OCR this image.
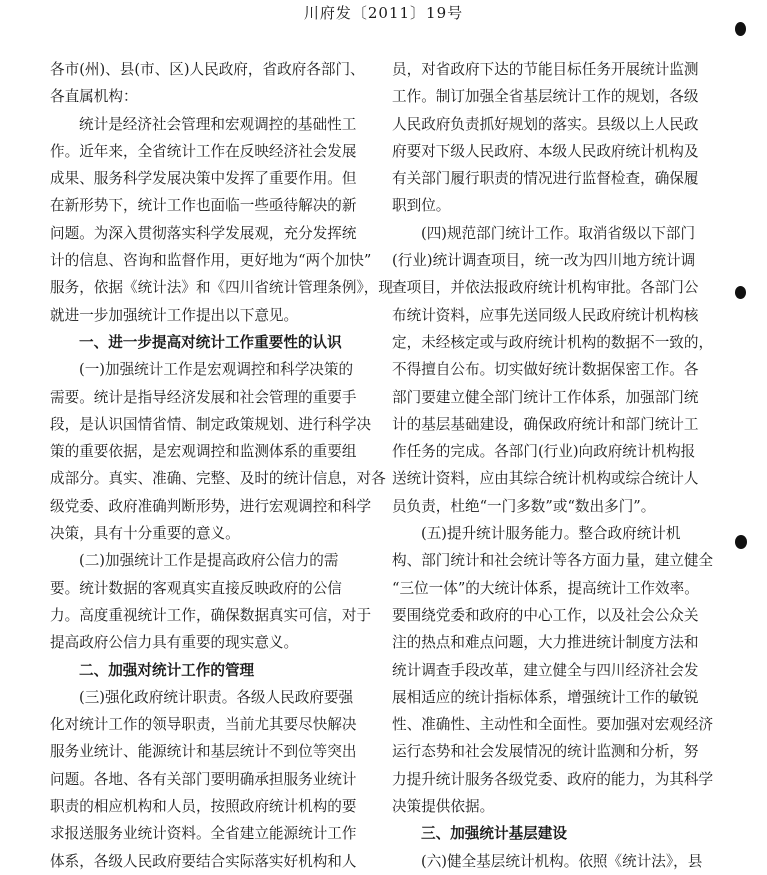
川府发〔2011〕19号
各市(州)、县(市、区)人民政府，省政府各部门、
各直属机构：
统计是经济社会管理和宏观调控的基础性工
作。近年来，全省统计工作在反映经济社会发展
成果、服务科学发展决策中发挥了重要作用。但
在新形势下，统计工作也面临一些亟待解决的新
问题。为深入贯彻落实科学发展观，充分发挥统
计的信息、咨询和监督作用，更好地为“两个加快”
服务，依据《统计法》和《四川省统计管理条例》，现
就进一步加强统计工作提出以下意见。
一、进一步提高对统计工作重要性的认识
(一)加强统计工作是宏观调控和科学决策的
需要。统计是指导经济发展和社会管理的重要手
段，是认识国情省情、制定政策规划、进行科学决
策的重要依据，是宏观调控和监测体系的重要组
成部分。真实、准确、完整、及时的统计信息，对各
级党委、政府准确判断形势，进行宏观调控和科学
决策，具有十分重要的意义。
(二)加强统计工作是提高政府公信力的需
要。统计数据的客观真实直接反映政府的公信
力。高度重视统计工作，确保数据真实可信，对于
提高政府公信力具有重要的现实意义。
二、加强对统计工作的管理
(三)强化政府统计职责。各级人民政府要强
化对统计工作的领导职责，当前尤其要尽快解决
服务业统计、能源统计和基层统计不到位等突出
问题。各地、各有关部门要明确承担服务业统计
职责的相应机构和人员，按照政府统计机构的要
求报送服务业统计资料。全省建立能源统计工作
体系，各级人民政府要结合实际落实好机构和人
员，对省政府下达的节能目标任务开展统计监测
工作。制订加强全省基层统计工作的规划，各级
人民政府负责抓好规划的落实。县级以上人民政
府要对下级人民政府、本级人民政府统计机构及
有关部门履行职责的情况进行监督检查，确保履
职到位。
(四)规范部门统计工作。取消省级以下部门
(行业)统计调查项目，统一改为四川地方统计调
查项目，并依法报政府统计机构审批。各部门公
布统计资料，应事先送同级人民政府统计机构核
定，未经核定或与政府统计机构的数据不一致的，
不得擅自公布。切实做好统计数据保密工作。各
部门要建立健全部门统计工作体系，加强部门统
计的基层基础建设，确保政府统计和部门统计工
作任务的完成。各部门(行业)向政府统计机构报
送统计资料，应由其综合统计机构或综合统计人
员负责，杜绝“一门多数”或“数出多门”。
(五)提升统计服务能力。整合政府统计机
构、部门统计和社会统计等各方面力量，建立健全
“三位一体”的大统计体系，提高统计工作效率。
要围绕党委和政府的中心工作，以及社会公众关
注的热点和难点问题，大力推进统计制度方法和
统计调查手段改革，建立健全与四川经济社会发
展相适应的统计指标体系，增强统计工作的敏锐
性、准确性、主动性和全面性。要加强对宏观经济
运行态势和社会发展情况的统计监测和分析，努
力提升统计服务各级党委、政府的能力，为其科学
决策提供依据。
三、加强统计基层建设
(六)健全基层统计机构。依照《统计法》，县
